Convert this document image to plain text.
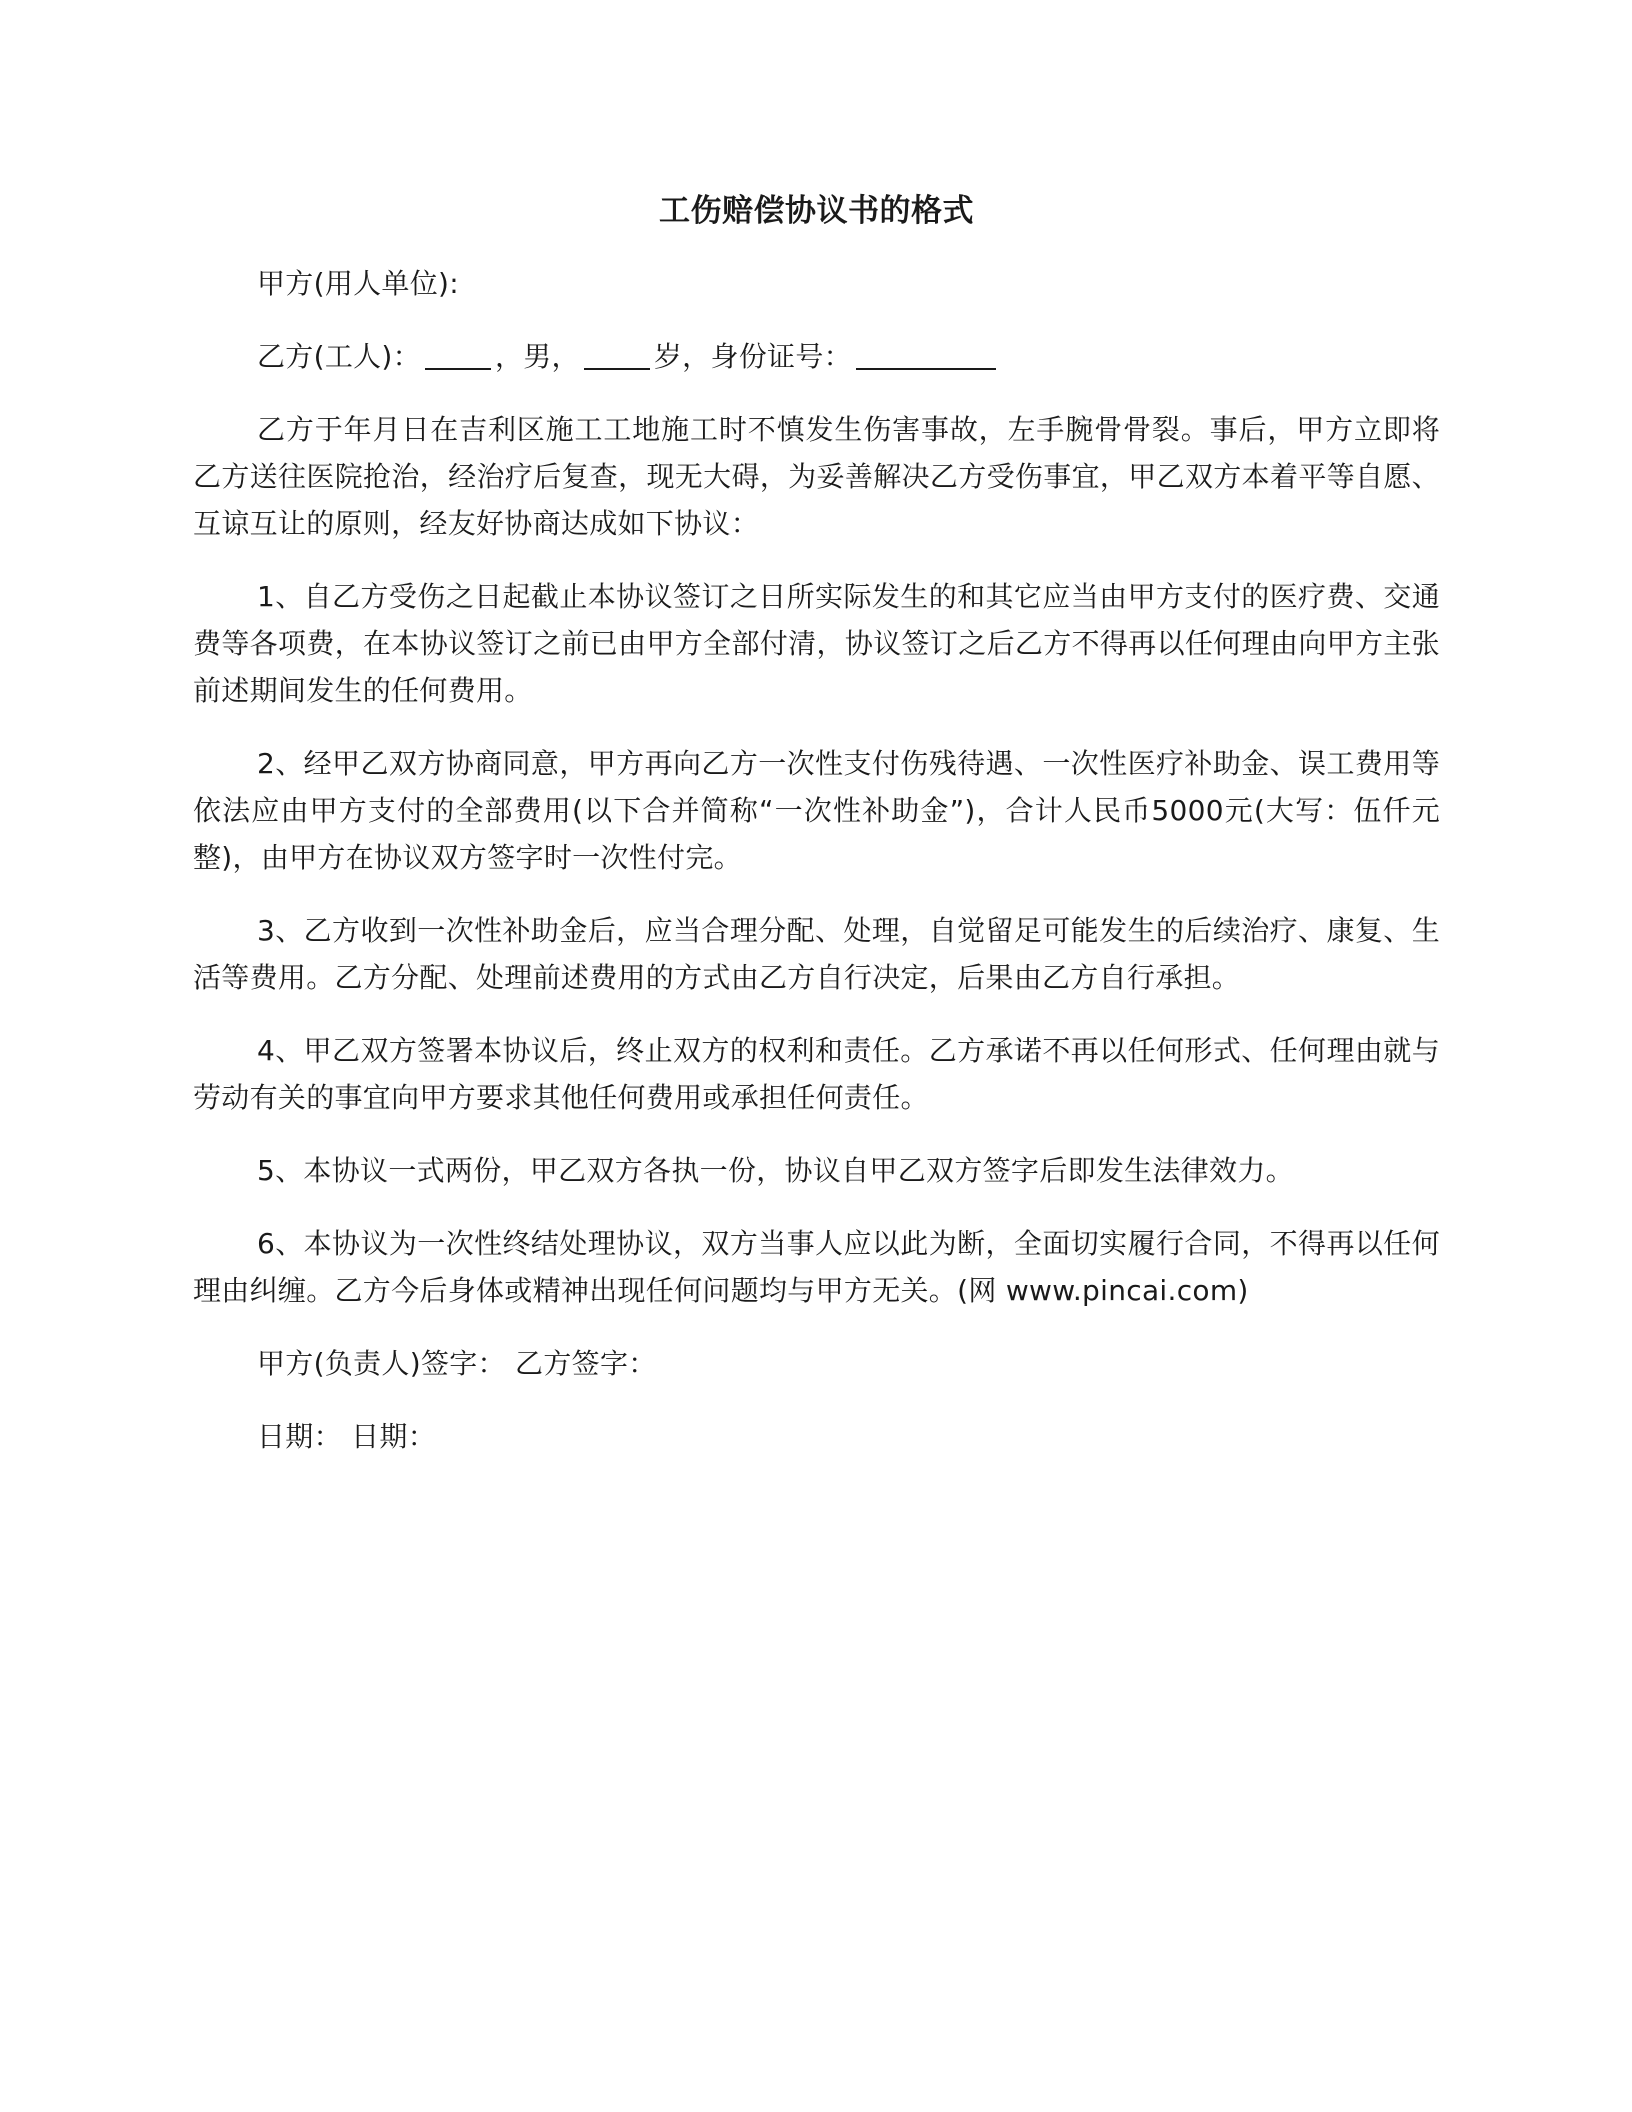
工伤赔偿协议书的格式

甲方(用人单位):

乙方(工人)：	，男，	岁，身份证号：

乙方于年月日在吉利区施工工地施工时不慎发生伤害事故，左手腕骨骨裂。事后，甲方立即将乙方送往医院抢治，经治疗后复查，现无大碍，为妥善解决乙方受伤事宜，甲乙双方本着平等自愿、互谅互让的原则，经友好协商达成如下协议：

1、自乙方受伤之日起截止本协议签订之日所实际发生的和其它应当由甲方支付的医疗费、交通费等各项费，在本协议签订之前已由甲方全部付清，协议签订之后乙方不得再以任何理由向甲方主张前述期间发生的任何费用。

2、经甲乙双方协商同意，甲方再向乙方一次性支付伤残待遇、一次性医疗补助金、误工费用等依法应由甲方支付的全部费用(以下合并简称“一次性补助金”)，合计人民币5000元(大写：伍仟元整)，由甲方在协议双方签字时一次性付完。

3、乙方收到一次性补助金后，应当合理分配、处理，自觉留足可能发生的后续治疗、康复、生活等费用。乙方分配、处理前述费用的方式由乙方自行决定，后果由乙方自行承担。

4、甲乙双方签署本协议后，终止双方的权利和责任。乙方承诺不再以任何形式、任何理由就与劳动有关的事宜向甲方要求其他任何费用或承担任何责任。

5、本协议一式两份，甲乙双方各执一份，协议自甲乙双方签字后即发生法律效力。

6、本协议为一次性终结处理协议，双方当事人应以此为断，全面切实履行合同，不得再以任何理由纠缠。乙方今后身体或精神出现任何问题均与甲方无关。(网 www.pincai.com)

甲方(负责人)签字： 乙方签字：

日期： 日期：
